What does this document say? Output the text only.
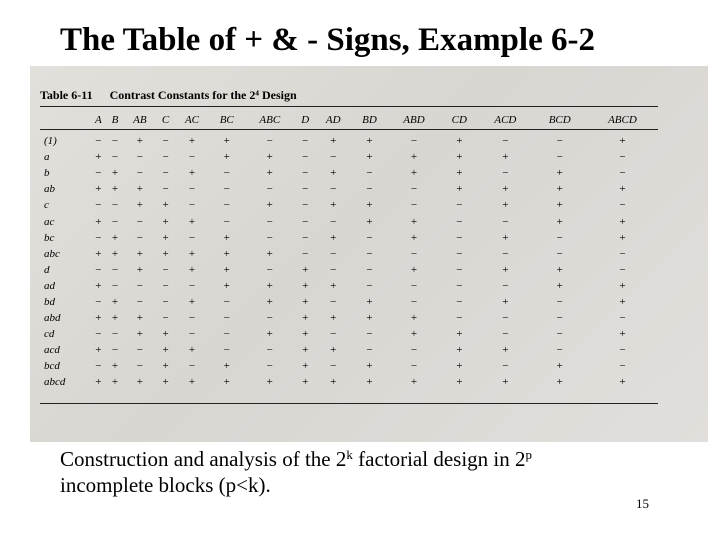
The Table of + & - Signs, Example 6-2
Table 6-11 Contrast Constants for the 2⁴ Design
	A	B	AB	C	AC	BC	ABC	D	AD	BD	ABD	CD	ACD	BCD	ABCD
(1)	−	−	+	−	+	+	−	−	+	+	−	+	−	−	+
a	+	−	−	−	−	+	+	−	−	+	+	+	+	−	−
b	−	+	−	−	+	−	+	−	+	−	+	+	−	+	−
ab	+	+	+	−	−	−	−	−	−	−	−	+	+	+	+
c	−	−	+	+	−	−	+	−	+	+	−	−	+	+	−
ac	+	−	−	+	+	−	−	−	−	+	+	−	−	+	+
bc	−	+	−	+	−	+	−	−	+	−	+	−	+	−	+
abc	+	+	+	+	+	+	+	−	−	−	−	−	−	−	−
d	−	−	+	−	+	+	−	+	−	−	+	−	+	+	−
ad	+	−	−	−	−	+	+	+	+	−	−	−	−	+	+
bd	−	+	−	−	+	−	+	+	−	+	−	−	+	−	+
abd	+	+	+	−	−	−	−	+	+	+	+	−	−	−	−
cd	−	−	+	+	−	−	+	+	−	−	+	+	−	−	+
acd	+	−	−	+	+	−	−	+	+	−	−	+	+	−	−
bcd	−	+	−	+	−	+	−	+	−	+	−	+	−	+	−
abcd	+	+	+	+	+	+	+	+	+	+	+	+	+	+	+
Construction and analysis of the 2$^k$ factorial design in 2$^p$
incomplete blocks (p<k).
15
